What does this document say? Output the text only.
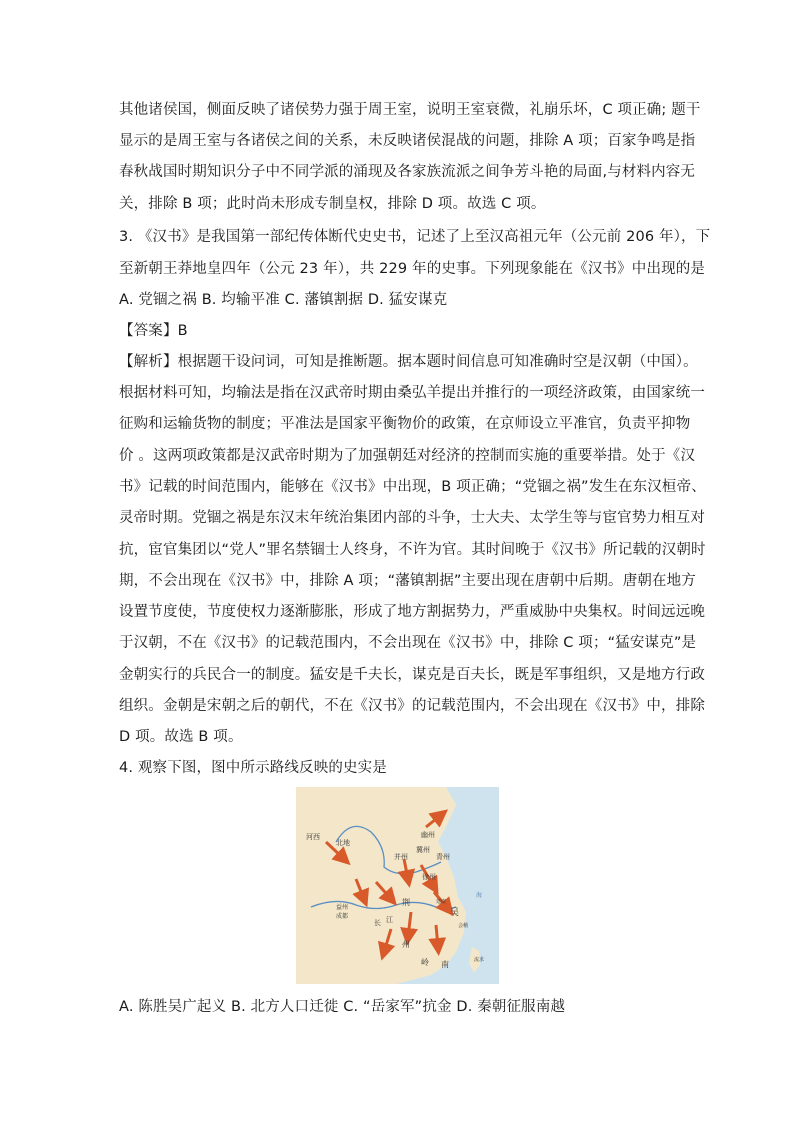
其他诸侯国，侧面反映了诸侯势力强于周王室，说明王室衰微，礼崩乐坏，C 项正确; 题干
显示的是周王室与各诸侯之间的关系，未反映诸侯混战的问题，排除 A 项；百家争鸣是指
春秋战国时期知识分子中不同学派的涌现及各家族流派之间争芳斗艳的局面,与材料内容无
关，排除 B 项；此时尚未形成专制皇权，排除 D 项。故选 C 项。
3. 《汉书》是我国第一部纪传体断代史史书，记述了上至汉高祖元年（公元前 206 年），下
至新朝王莽地皇四年（公元 23 年），共 229 年的史事。下列现象能在《汉书》中出现的是
A. 党锢之祸 B. 均输平准 C. 藩镇割据 D. 猛安谋克
【答案】B
【解析】根据题干设问词，可知是推断题。据本题时间信息可知准确时空是汉朝（中国）。
根据材料可知，均输法是指在汉武帝时期由桑弘羊提出并推行的一项经济政策，由国家统一
征购和运输货物的制度；平准法是国家平衡物价的政策，在京师设立平准官，负责平抑物
价 。这两项政策都是汉武帝时期为了加强朝廷对经济的控制而实施的重要举措。处于《汉
书》记载的时间范围内，能够在《汉书》中出现，B 项正确；“党锢之祸”发生在东汉桓帝、
灵帝时期。党锢之祸是东汉末年统治集团内部的斗争，士大夫、太学生等与宦官势力相互对
抗，宦官集团以“党人”罪名禁锢士人终身，不许为官。其时间晚于《汉书》所记载的汉朝时
期，不会出现在《汉书》中，排除 A 项；“藩镇割据”主要出现在唐朝中后期。唐朝在地方
设置节度使，节度使权力逐渐膨胀，形成了地方割据势力，严重威胁中央集权。时间远远晚
于汉朝，不在《汉书》的记载范围内，不会出现在《汉书》中，排除 C 项；“猛安谋克”是
金朝实行的兵民合一的制度。猛安是千夫长，谋克是百夫长，既是军事组织，又是地方行政
组织。金朝是宋朝之后的朝代，不在《汉书》的记载范围内，不会出现在《汉书》中，排除
D 项。故选 B 项。
4. 观察下图，图中所示路线反映的史实是
河西
北地
幽州
并州
冀州
青州
徐州
益州
成都
荆
州
吴
岭 南
江
长
建康
会稽
流求
海
A. 陈胜吴广起义 B. 北方人口迁徙 C. “岳家军”抗金 D. 秦朝征服南越
